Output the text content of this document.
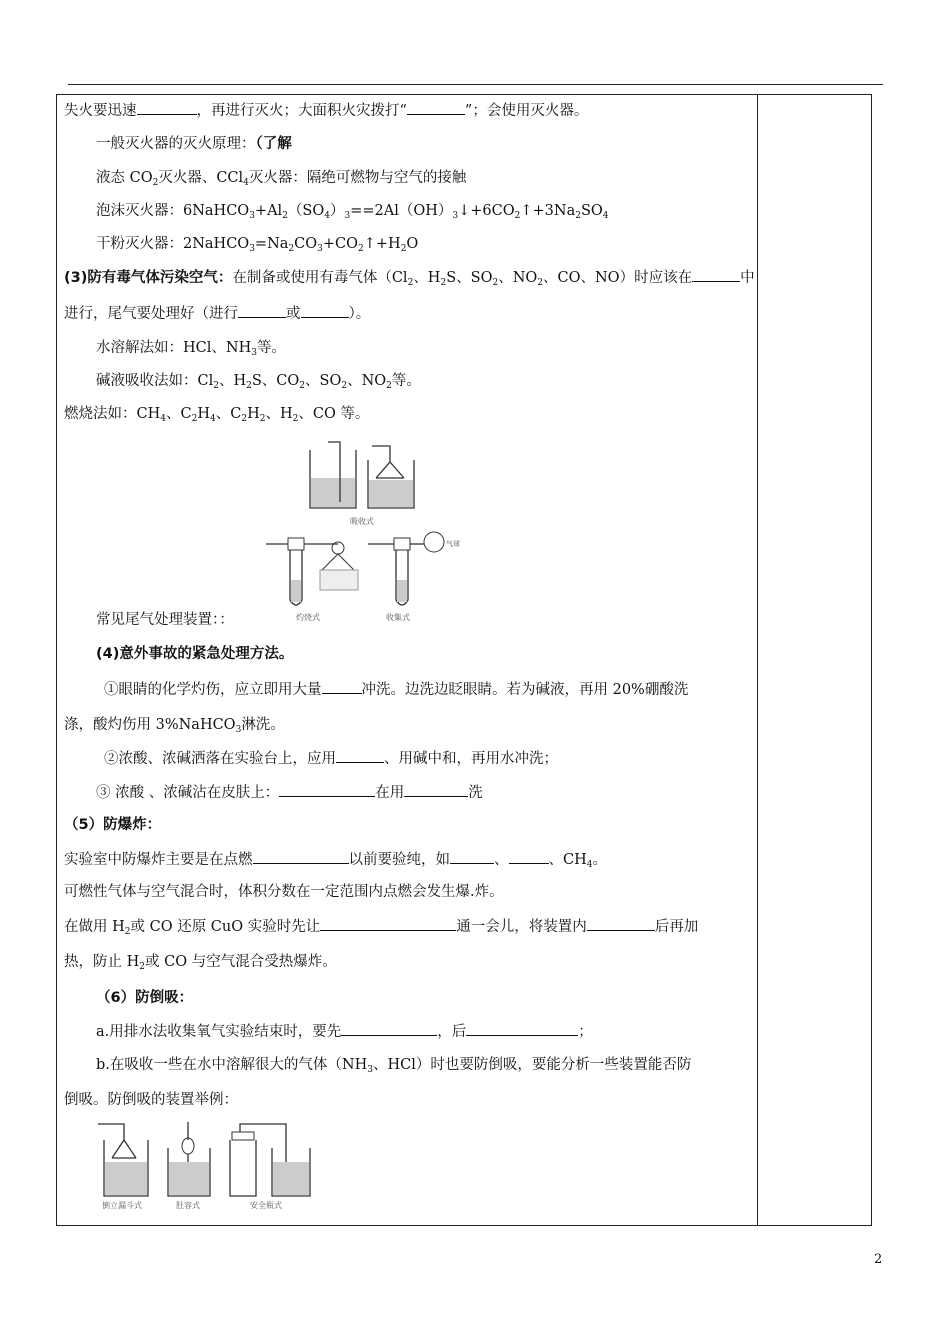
失火要迅速	，再进行灭火；大面积火灾拨打“	”；会使用灭火器。
一般灭火器的灭火原理：（了解
液态 $CO_2$灭火器、CCl$_4$灭火器：隔绝可燃物与空气的接触
泡沫灭火器：$6NaHCO_3+Al_2(SO_4)_3==2Al(OH)_3↓+6CO_2↑+3Na_2SO_4$
干粉灭火器：$2NaHCO_3=Na_2CO_3+CO_2↑+H_2O$
(3)防有毒气体污染空气：在制备或使用有毒气体（$Cl_2$、$H_2S$、$SO_2$、$NO_2$、CO、NO）时应该在	中
进行，尾气要处理好（进行	或	）。
水溶解法如：HCl、$NH_3$等。
碱液吸收法如：$Cl_2$、$H_2S$、$CO_2$、$SO_2$、$NO_2$等。
燃烧法如：$CH_4$、$C_2H_4$、$C_2H_2$、$H_2$、CO 等。
吸收式
灼烧式
气球
收集式
常见尾气处理装置：：
(4)意外事故的紧急处理方法。
①眼睛的化学灼伤，应立即用大量	冲洗。边洗边眨眼睛。若为碱液，再用 20%硼酸洗
涤，酸灼伤用 3%NaHCO$_3$淋洗。
②浓酸、浓碱洒落在实验台上，应用	、用碱中和，再用水冲洗；
③ 浓酸 、浓碱沾在皮肤上：	在用	洗
（5）防爆炸：
实验室中防爆炸主要是在点燃	以前要验纯，如	、	、$CH_4$。
可燃性气体与空气混合时，体积分数在一定范围内点燃会发生爆.炸。
在做用 $H_2$或 CO 还原 CuO 实验时先让	通一会儿，将装置内	后再加
热，防止 $H_2$或 CO 与空气混合受热爆炸。
（6）防倒吸：
a.用排水法收集氧气实验结束时，要先	，后	；
b.在吸收一些在水中溶解很大的气体（$NH_3$、HCl）时也要防倒吸，要能分析一些装置能否防
倒吸。防倒吸的装置举例：
倒立漏斗式	肚容式	安全瓶式
2
